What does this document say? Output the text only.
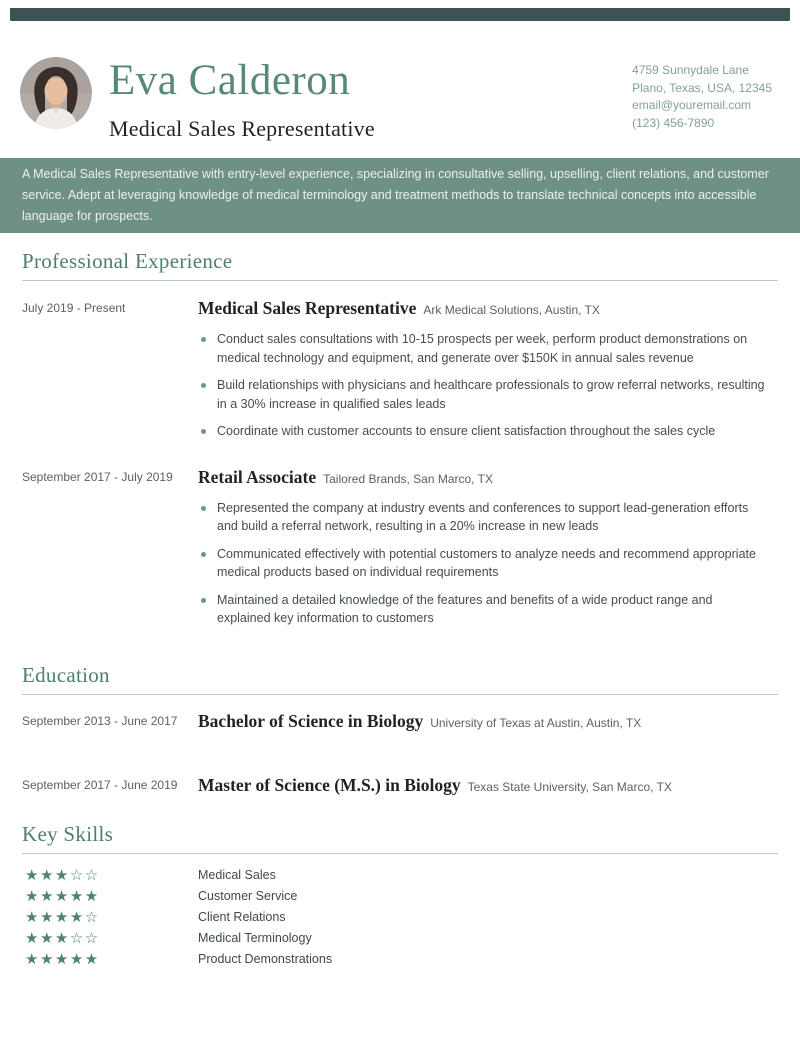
Eva Calderon
Medical Sales Representative
4759 Sunnydale Lane
Plano, Texas, USA, 12345
email@youremail.com
(123) 456-7890
A Medical Sales Representative with entry-level experience, specializing in consultative selling, upselling, client relations, and customer service. Adept at leveraging knowledge of medical terminology and treatment methods to translate technical concepts into accessible language for prospects.
Professional Experience
July 2019 - Present	Medical Sales Representative Ark Medical Solutions, Austin, TX
Conduct sales consultations with 10-15 prospects per week, perform product demonstrations on medical technology and equipment, and generate over $150K in annual sales revenue
Build relationships with physicians and healthcare professionals to grow referral networks, resulting in a 30% increase in qualified sales leads
Coordinate with customer accounts to ensure client satisfaction throughout the sales cycle
September 2017 - July 2019	Retail Associate Tailored Brands, San Marco, TX
Represented the company at industry events and conferences to support lead-generation efforts and build a referral network, resulting in a 20% increase in new leads
Communicated effectively with potential customers to analyze needs and recommend appropriate medical products based on individual requirements
Maintained a detailed knowledge of the features and benefits of a wide product range and explained key information to customers
Education
September 2013 - June 2017	Bachelor of Science in Biology University of Texas at Austin, Austin, TX
September 2017 - June 2019	Master of Science (M.S.) in Biology Texas State University, San Marco, TX
Key Skills
★★★☆☆	Medical Sales
★★★★★	Customer Service
★★★★☆	Client Relations
★★★☆☆	Medical Terminology
★★★★★	Product Demonstrations
